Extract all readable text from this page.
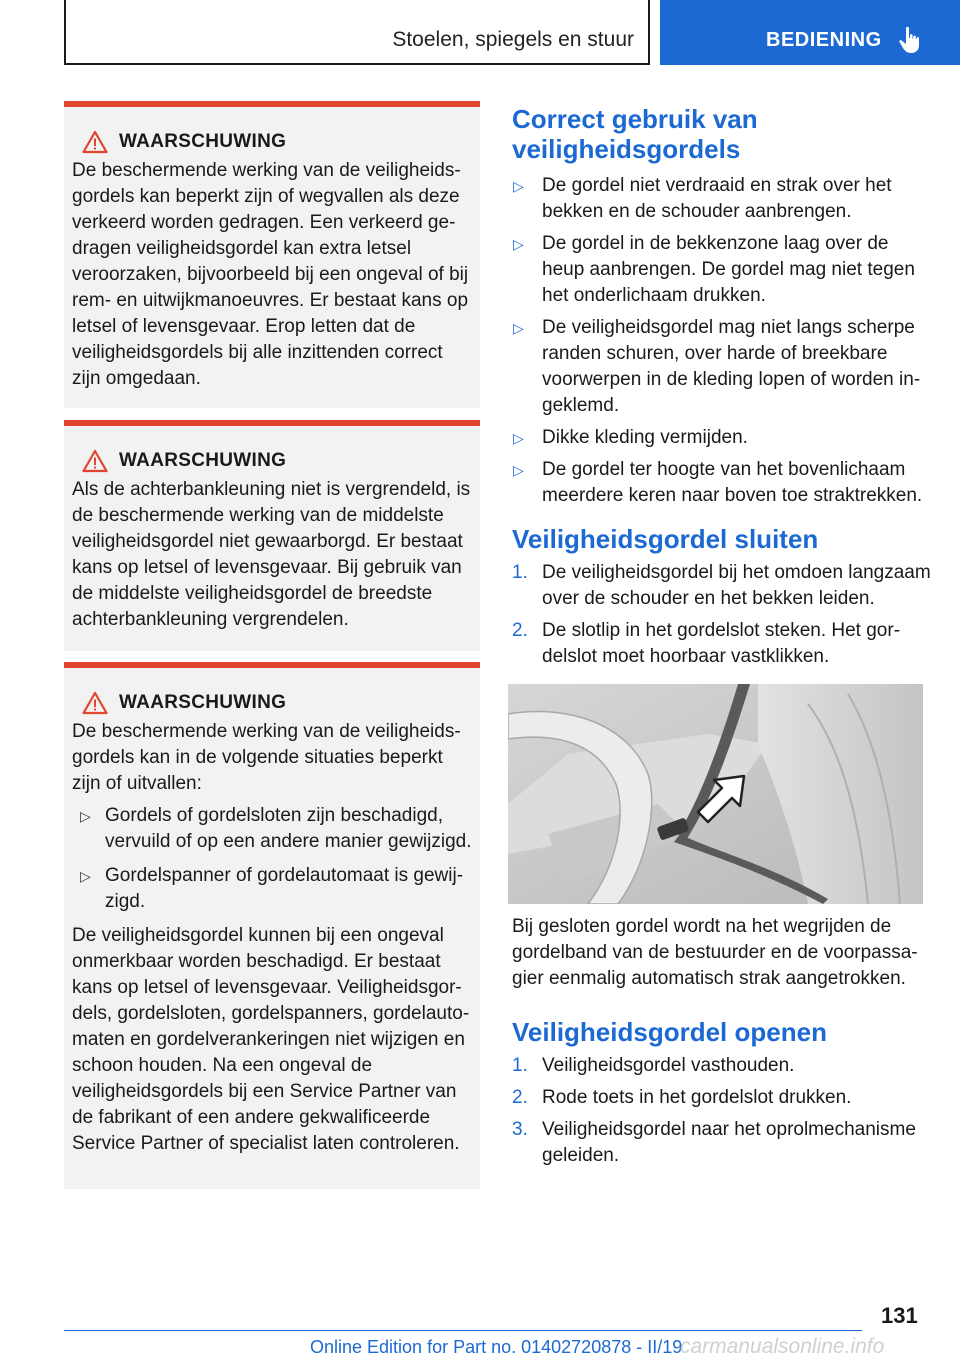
Stoelen, spiegels en stuur	BEDIENING
WAARSCHUWING

De beschermende werking van de veiligheidsgordels kan beperkt zijn of wegvallen als deze verkeerd worden gedragen. Een verkeerd gedragen veiligheidsgordel kan extra letsel veroorzaken, bijvoorbeeld bij een ongeval of bij rem- en uitwijkmanoeuvres. Er bestaat kans op letsel of levensgevaar. Erop letten dat de veiligheidsgordels bij alle inzittenden correct zijn omgedaan.

WAARSCHUWING

Als de achterbankleuning niet is vergrendeld, is de beschermende werking van de middelste veiligheidsgordel niet gewaarborgd. Er bestaat kans op letsel of levensgevaar. Bij gebruik van de middelste veiligheidsgordel de breedste achterbankleuning vergrendelen.

WAARSCHUWING

De beschermende werking van de veiligheidsgordels kan in de volgende situaties beperkt zijn of uitvallen:

▷ Gordels of gordelsloten zijn beschadigd, vervuild of op een andere manier gewijzigd.
▷ Gordelspanner of gordelautomaat is gewijzigd.

De veiligheidsgordel kunnen bij een ongeval onmerkbaar worden beschadigd. Er bestaat kans op letsel of levensgevaar. Veiligheidsgordels, gordelsloten, gordelspanners, gordelautomaten en gordelverankeringen niet wijzigen en schoon houden. Na een ongeval de veiligheidsgordels bij een Service Partner van de fabrikant of een andere gekwalificeerde Service Partner of specialist laten controleren.

Correct gebruik van veiligheidsgordels
▷ De gordel niet verdraaid en strak over het bekken en de schouder aanbrengen.
▷ De gordel in de bekkenzone laag over de heup aanbrengen. De gordel mag niet tegen het onderlichaam drukken.
▷ De veiligheidsgordel mag niet langs scherpe randen schuren, over harde of breekbare voorwerpen in de kleding lopen of worden ingeklemd.
▷ Dikke kleding vermijden.
▷ De gordel ter hoogte van het bovenlichaam meerdere keren naar boven toe straktrekken.
Veiligheidsgordel sluiten
1. De veiligheidsgordel bij het omdoen langzaam over de schouder en het bekken leiden.
2. De slotlip in het gordelslot steken. Het gordelslot moet hoorbaar vastklikken.

Bij gesloten gordel wordt na het wegrijden de gordelband van de bestuurder en de voorpassagier eenmalig automatisch strak aangetrokken.

Veiligheidsgordel openen
1. Veiligheidsgordel vasthouden.
2. Rode toets in het gordelslot drukken.
3. Veiligheidsgordel naar het oprolmechanisme geleiden.
131
Online Edition for Part no. 01402720878 - II/19
carmanualsonline.info
